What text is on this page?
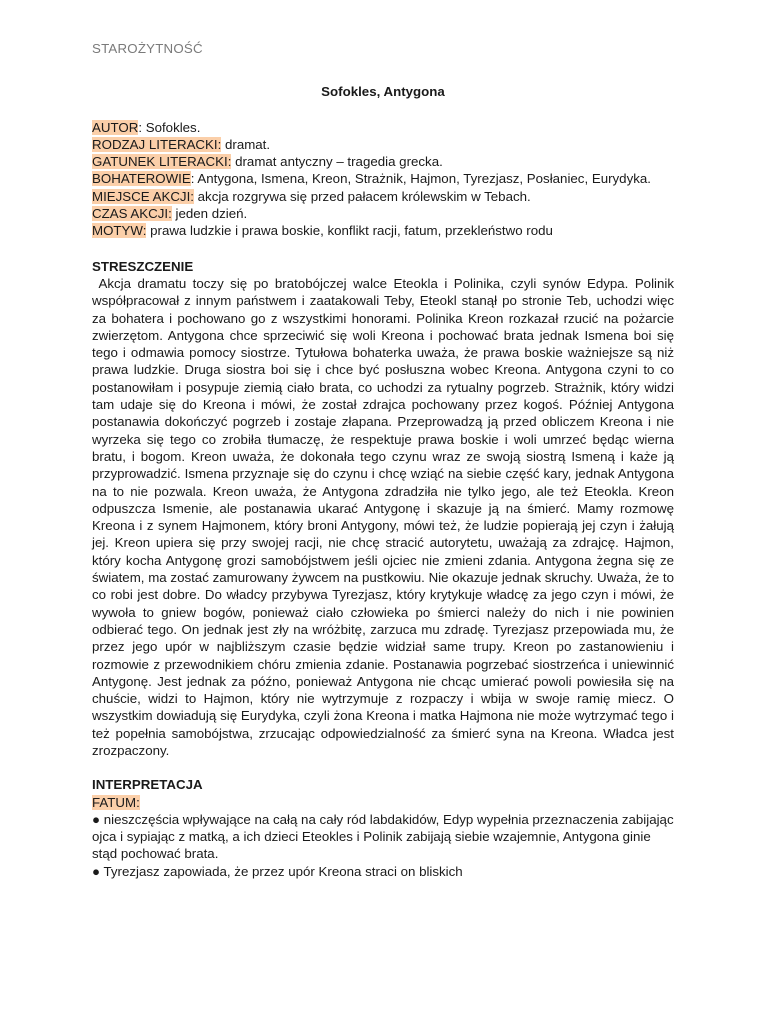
STAROŻYTNOŚĆ

Sofokles, Antygona

AUTOR: Sofokles.

RODZAJ LITERACKI: dramat.

GATUNEK LITERACKI: dramat antyczny – tragedia grecka.

BOHATEROWIE: Antygona, Ismena, Kreon, Strażnik, Hajmon, Tyrezjasz, Posłaniec, Eurydyka.

MIEJSCE AKCJI: akcja rozgrywa się przed pałacem królewskim w Tebach.

CZAS AKCJI: jeden dzień.

MOTYW: prawa ludzkie i prawa boskie, konflikt racji, fatum, przekleństwo rodu

STRESZCZENIE

Akcja dramatu toczy się po bratobójczej walce Eteokla i Polinika, czyli synów Edypa. Polinik współpracował z innym państwem i zaatakowali Teby, Eteokl stanął po stronie Teb, uchodzi więc za bohatera i pochowano go z wszystkimi honorami. Polinika Kreon rozkazał rzucić na pożarcie zwierzętom. Antygona chce sprzeciwić się woli Kreona i pochować brata jednak Ismena boi się tego i odmawia pomocy siostrze. Tytułowa bohaterka uważa, że prawa boskie ważniejsze są niż prawa ludzkie. Druga siostra boi się i chce być posłuszna wobec Kreona. Antygona czyni to co postanowiłam i posypuje ziemią ciało brata, co uchodzi za rytualny pogrzeb. Strażnik, który widzi tam udaje się do Kreona i mówi, że został zdrajca pochowany przez kogoś. Później Antygona postanawia dokończyć pogrzeb i zostaje złapana. Przeprowadzą ją przed obliczem Kreona i nie wyrzeka się tego co zrobiła tłumaczę, że respektuje prawa boskie i woli umrzeć będąc wierna bratu, i bogom. Kreon uważa, że dokonała tego czynu wraz ze swoją siostrą Ismeną i każe ją przyprowadzić. Ismena przyznaje się do czynu i chcę wziąć na siebie część kary, jednak Antygona na to nie pozwala. Kreon uważa, że Antygona zdradziła nie tylko jego, ale też Eteokla. Kreon odpuszcza Ismenie, ale postanawia ukarać Antygonę i skazuje ją na śmierć. Mamy rozmowę Kreona i z synem Hajmonem, który broni Antygony, mówi też, że ludzie popierają jej czyn i żałują jej. Kreon upiera się przy swojej racji, nie chcę stracić autorytetu, uważają za zdrajcę. Hajmon, który kocha Antygonę grozi samobójstwem jeśli ojciec nie zmieni zdania. Antygona żegna się ze światem, ma zostać zamurowany żywcem na pustkowiu. Nie okazuje jednak skruchy. Uważa, że to co robi jest dobre. Do władcy przybywa Tyrezjasz, który krytykuje władcę za jego czyn i mówi, że wywoła to gniew bogów, ponieważ ciało człowieka po śmierci należy do nich i nie powinien odbierać tego. On jednak jest zły na wróżbitę, zarzuca mu zdradę. Tyrezjasz przepowiada mu, że przez jego upór w najbliższym czasie będzie widział same trupy. Kreon po zastanowieniu i rozmowie z przewodnikiem chóru zmienia zdanie. Postanawia pogrzebać siostrzeńca i uniewinnić Antygonę. Jest jednak za późno, ponieważ Antygona nie chcąc umierać powoli powiesiła się na chuście, widzi to Hajmon, który nie wytrzymuje z rozpaczy i wbija w swoje ramię miecz. O wszystkim dowiadują się Eurydyka, czyli żona Kreona i matka Hajmona nie może wytrzymać tego i też popełnia samobójstwa, zrzucając odpowiedzialność za śmierć syna na Kreona. Władca jest zrozpaczony.

INTERPRETACJA

FATUM:

● nieszczęścia wpływające na całą na cały ród labdakidów, Edyp wypełnia przeznaczenia zabijając ojca i sypiając z matką, a ich dzieci Eteokles i Polinik zabijają siebie wzajemnie, Antygona ginie stąd pochować brata.

● Tyrezjasz zapowiada, że przez upór Kreona straci on bliskich
